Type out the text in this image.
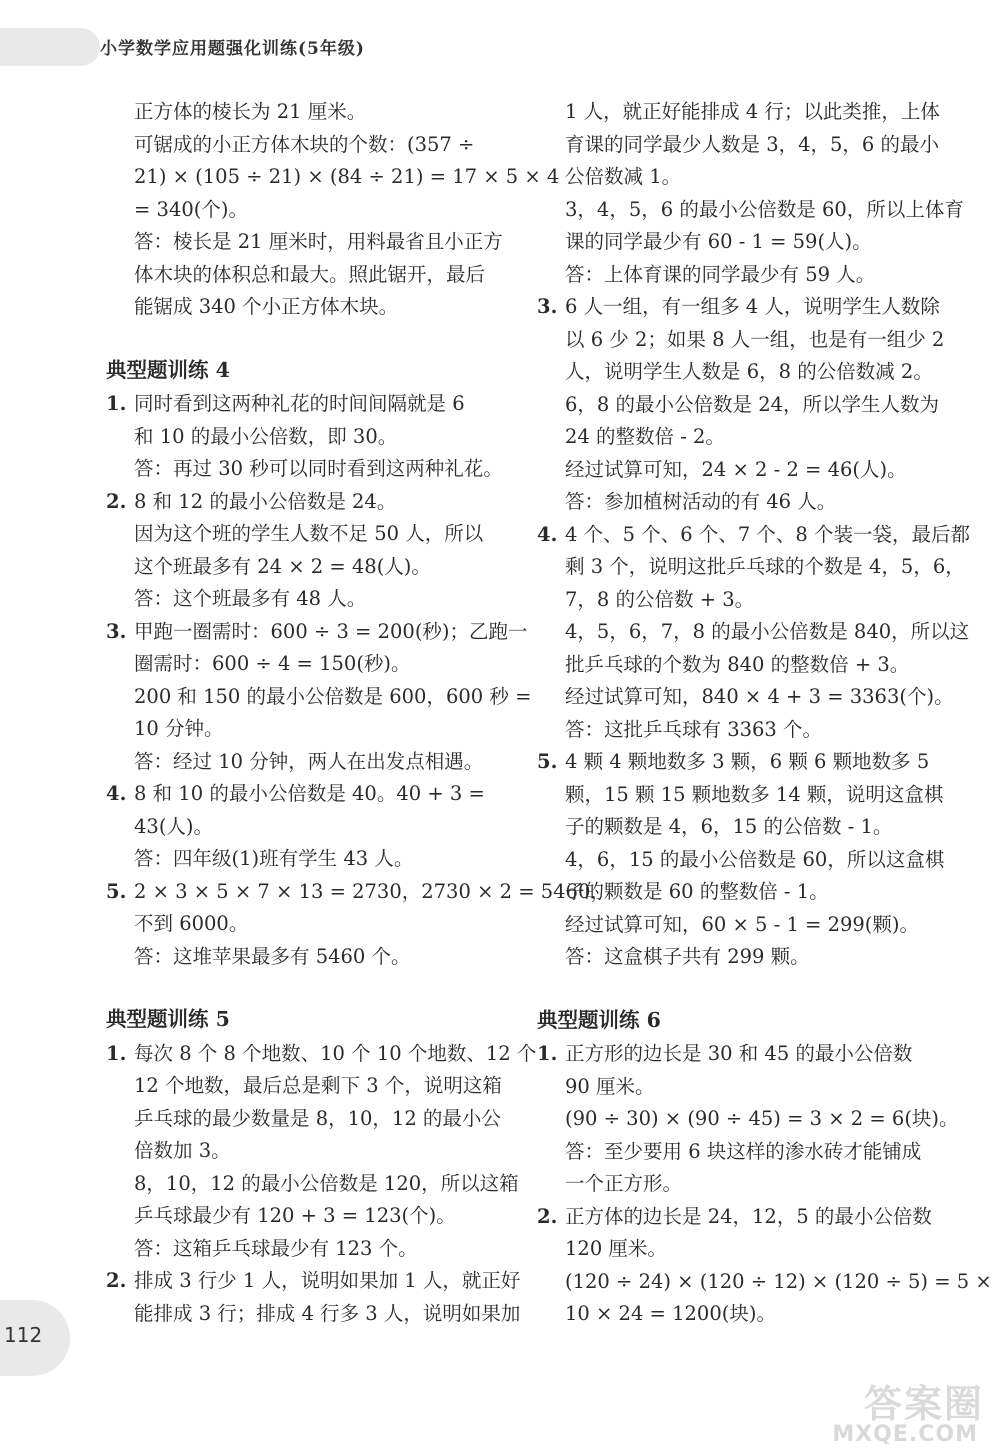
小学数学应用题强化训练(5年级)
正方体的棱长为 21 厘米。
可锯成的小正方体木块的个数：(357 ÷
21) × (105 ÷ 21) × (84 ÷ 21) = 17 × 5 × 4
= 340(个)。
答：棱长是 21 厘米时，用料最省且小正方
体木块的体积总和最大。照此锯开，最后
能锯成 340 个小正方体木块。
典型题训练 4
1. 同时看到这两种礼花的时间间隔就是 6
和 10 的最小公倍数，即 30。
答：再过 30 秒可以同时看到这两种礼花。
2. 8 和 12 的最小公倍数是 24。
因为这个班的学生人数不足 50 人，所以
这个班最多有 24 × 2 = 48(人)。
答：这个班最多有 48 人。
3. 甲跑一圈需时：600 ÷ 3 = 200(秒)；乙跑一
圈需时：600 ÷ 4 = 150(秒)。
200 和 150 的最小公倍数是 600，600 秒 =
10 分钟。
答：经过 10 分钟，两人在出发点相遇。
4. 8 和 10 的最小公倍数是 40。40 + 3 =
43(人)。
答：四年级(1)班有学生 43 人。
5. 2 × 3 × 5 × 7 × 13 = 2730，2730 × 2 = 5460，
不到 6000。
答：这堆苹果最多有 5460 个。
典型题训练 5
1. 每次 8 个 8 个地数、10 个 10 个地数、12 个
12 个地数，最后总是剩下 3 个，说明这箱
乒乓球的最少数量是 8，10，12 的最小公
倍数加 3。
8，10，12 的最小公倍数是 120，所以这箱
乒乓球最少有 120 + 3 = 123(个)。
答：这箱乒乓球最少有 123 个。
2. 排成 3 行少 1 人，说明如果加 1 人，就正好
能排成 3 行；排成 4 行多 3 人，说明如果加
1 人，就正好能排成 4 行；以此类推，上体
育课的同学最少人数是 3，4，5，6 的最小
公倍数减 1。
3，4，5，6 的最小公倍数是 60，所以上体育
课的同学最少有 60 - 1 = 59(人)。
答：上体育课的同学最少有 59 人。
3. 6 人一组，有一组多 4 人，说明学生人数除
以 6 少 2；如果 8 人一组，也是有一组少 2
人，说明学生人数是 6，8 的公倍数减 2。
6，8 的最小公倍数是 24，所以学生人数为
24 的整数倍 - 2。
经过试算可知，24 × 2 - 2 = 46(人)。
答：参加植树活动的有 46 人。
4. 4 个、5 个、6 个、7 个、8 个装一袋，最后都
剩 3 个，说明这批乒乓球的个数是 4，5，6，
7，8 的公倍数 + 3。
4，5，6，7，8 的最小公倍数是 840，所以这
批乒乓球的个数为 840 的整数倍 + 3。
经过试算可知，840 × 4 + 3 = 3363(个)。
答：这批乒乓球有 3363 个。
5. 4 颗 4 颗地数多 3 颗，6 颗 6 颗地数多 5
颗，15 颗 15 颗地数多 14 颗，说明这盒棋
子的颗数是 4，6，15 的公倍数 - 1。
4，6，15 的最小公倍数是 60，所以这盒棋
子的颗数是 60 的整数倍 - 1。
经过试算可知，60 × 5 - 1 = 299(颗)。
答：这盒棋子共有 299 颗。
典型题训练 6
1. 正方形的边长是 30 和 45 的最小公倍数
90 厘米。
(90 ÷ 30) × (90 ÷ 45) = 3 × 2 = 6(块)。
答：至少要用 6 块这样的渗水砖才能铺成
一个正方形。
2. 正方体的边长是 24，12，5 的最小公倍数
120 厘米。
(120 ÷ 24) × (120 ÷ 12) × (120 ÷ 5) = 5 ×
10 × 24 = 1200(块)。
112
答案圈
MXQE.COM
